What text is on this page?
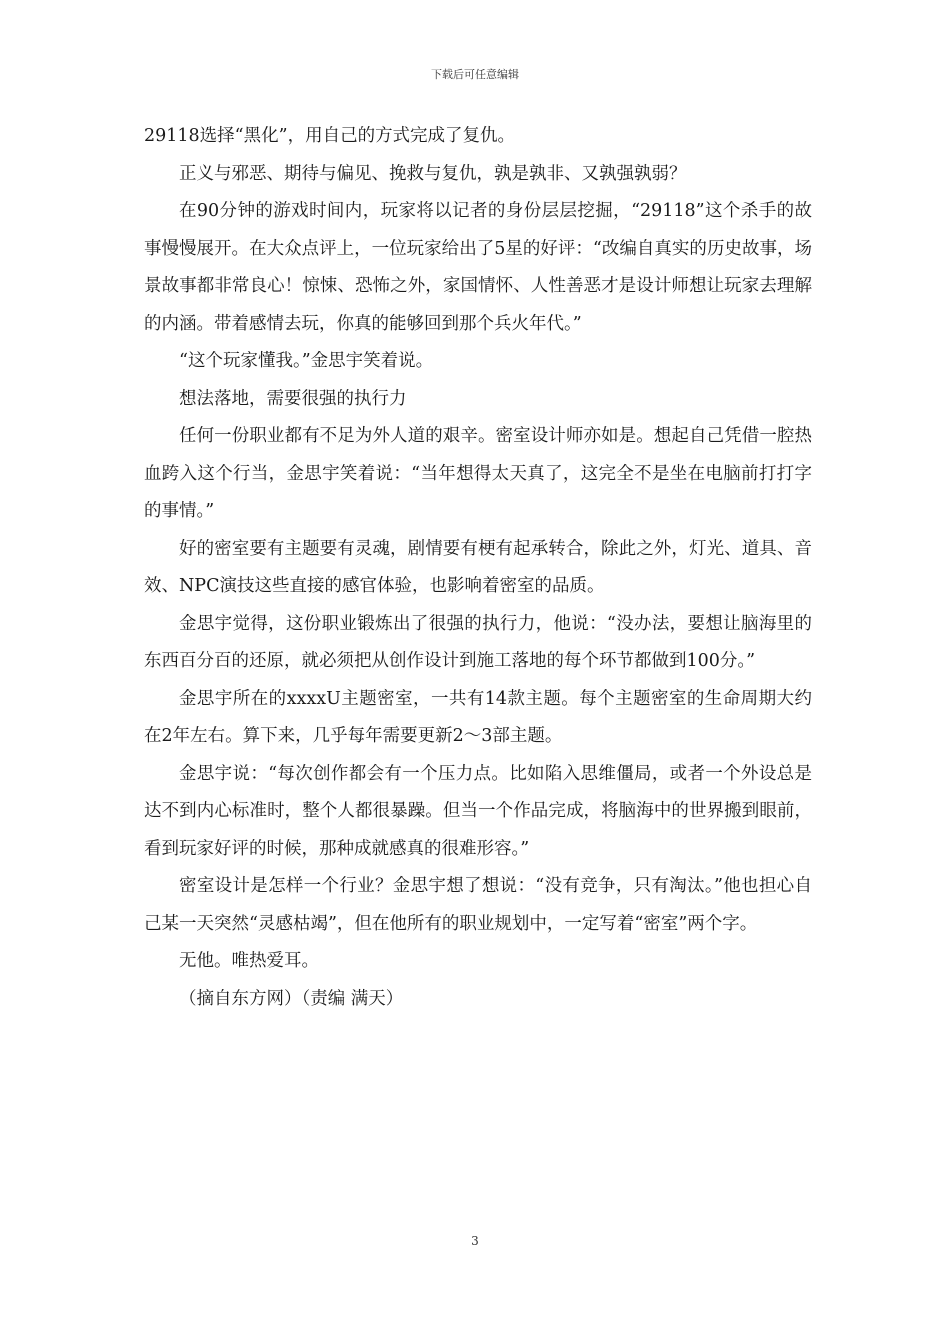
下载后可任意编辑

29118选择“黑化”，用自己的方式完成了复仇。

正义与邪恶、期待与偏见、挽救与复仇，孰是孰非、又孰强孰弱？

在90分钟的游戏时间内，玩家将以记者的身份层层挖掘，“29118”这个杀手的故事慢慢展开。在大众点评上，一位玩家给出了5星的好评：“改编自真实的历史故事，场景故事都非常良心！惊悚、恐怖之外，家国情怀、人性善恶才是设计师想让玩家去理解的内涵。带着感情去玩，你真的能够回到那个兵火年代。”

“这个玩家懂我。”金思宇笑着说。

想法落地，需要很强的执行力

任何一份职业都有不足为外人道的艰辛。密室设计师亦如是。想起自己凭借一腔热血跨入这个行当，金思宇笑着说：“当年想得太天真了，这完全不是坐在电脑前打打字的事情。”

好的密室要有主题要有灵魂，剧情要有梗有起承转合，除此之外，灯光、道具、音效、NPC演技这些直接的感官体验，也影响着密室的品质。

金思宇觉得，这份职业锻炼出了很强的执行力，他说：“没办法，要想让脑海里的东西百分百的还原，就必须把从创作设计到施工落地的每个环节都做到100分。”

金思宇所在的xxxxU主题密室，一共有14款主题。每个主题密室的生命周期大约在2年左右。算下来，几乎每年需要更新2～3部主题。

金思宇说：“每次创作都会有一个压力点。比如陷入思维僵局，或者一个外设总是达不到内心标准时，整个人都很暴躁。但当一个作品完成，将脑海中的世界搬到眼前，看到玩家好评的时候，那种成就感真的很难形容。”

密室设计是怎样一个行业？金思宇想了想说：“没有竞争，只有淘汰。”他也担心自己某一天突然“灵感枯竭”，但在他所有的职业规划中，一定写着“密室”两个字。

无他。唯热爱耳。

（摘自东方网）（责编 满天）

3
